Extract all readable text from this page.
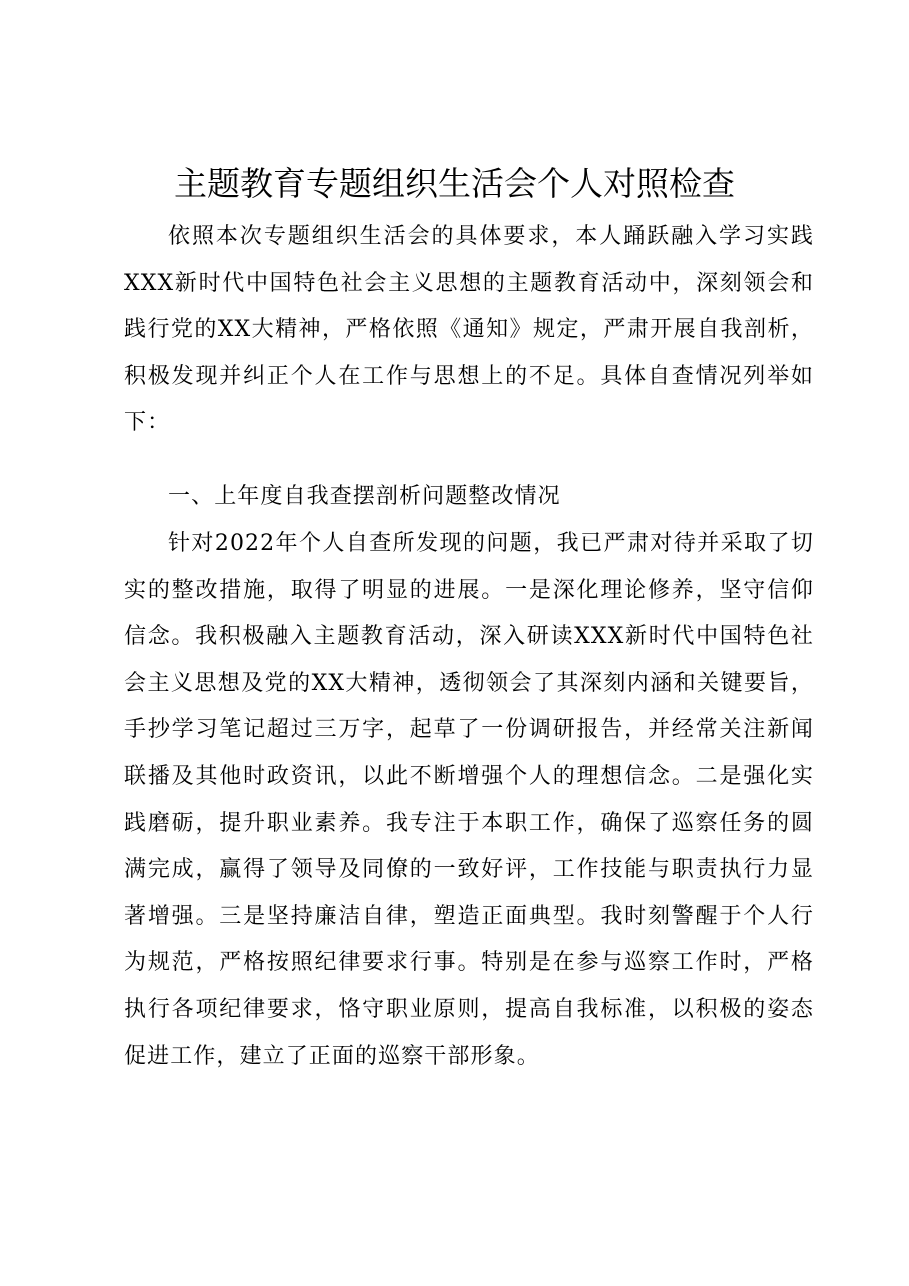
主题教育专题组织生活会个人对照检查

依照本次专题组织生活会的具体要求，本人踊跃融入学习实践XXX新时代中国特色社会主义思想的主题教育活动中，深刻领会和践行党的XX大精神，严格依照《通知》规定，严肃开展自我剖析，积极发现并纠正个人在工作与思想上的不足。具体自查情况列举如下：

一、上年度自我查摆剖析问题整改情况

针对2022年个人自查所发现的问题，我已严肃对待并采取了切实的整改措施，取得了明显的进展。一是深化理论修养，坚守信仰信念。我积极融入主题教育活动，深入研读XXX新时代中国特色社会主义思想及党的XX大精神，透彻领会了其深刻内涵和关键要旨，手抄学习笔记超过三万字，起草了一份调研报告，并经常关注新闻联播及其他时政资讯，以此不断增强个人的理想信念。二是强化实践磨砺，提升职业素养。我专注于本职工作，确保了巡察任务的圆满完成，赢得了领导及同僚的一致好评，工作技能与职责执行力显著增强。三是坚持廉洁自律，塑造正面典型。我时刻警醒于个人行为规范，严格按照纪律要求行事。特别是在参与巡察工作时，严格执行各项纪律要求，恪守职业原则，提高自我标准，以积极的姿态促进工作，建立了正面的巡察干部形象。
